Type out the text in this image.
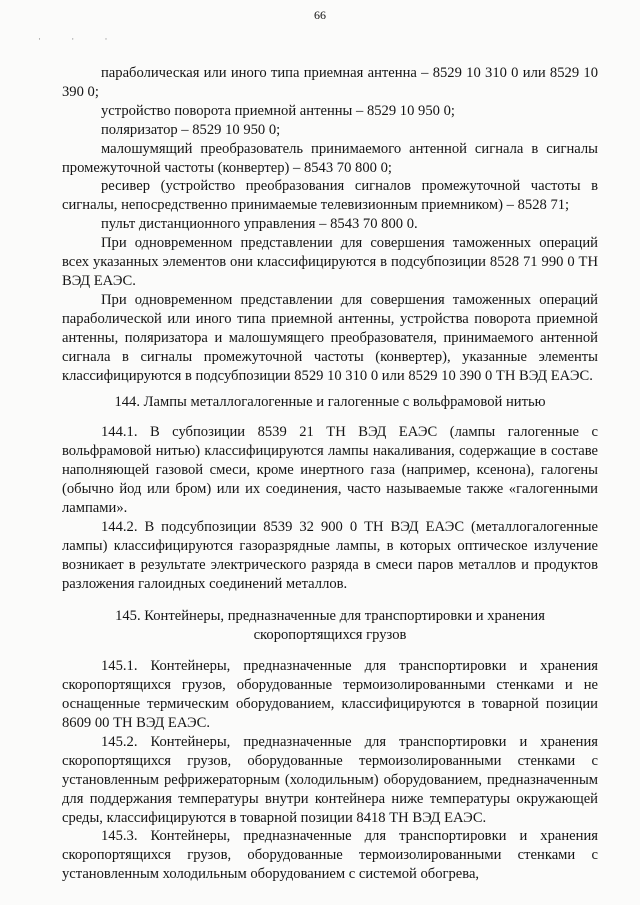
66
· · ·

параболическая или иного типа приемная антенна – 8529 10 310 0 или 8529 10 390 0;

устройство поворота приемной антенны – 8529 10 950 0;

поляризатор – 8529 10 950 0;

малошумящий преобразователь принимаемого антенной сигнала в сигналы промежуточной частоты (конвертер) – 8543 70 800 0;

ресивер (устройство преобразования сигналов промежуточной частоты в сигналы, непосредственно принимаемые телевизионным приемником) – 8528 71;

пульт дистанционного управления – 8543 70 800 0.

При одновременном представлении для совершения таможенных операций всех указанных элементов они классифицируются в подсубпозиции 8528 71 990 0 ТН ВЭД ЕАЭС.

При одновременном представлении для совершения таможенных операций параболической или иного типа приемной антенны, устройства поворота приемной антенны, поляризатора и малошумящего преобразователя, принимаемого антенной сигнала в сигналы промежуточной частоты (конвертер), указанные элементы классифицируются в подсубпозиции 8529 10 310 0 или 8529 10 390 0 ТН ВЭД ЕАЭС.

144. Лампы металлогалогенные и галогенные с вольфрамовой нитью

144.1. В субпозиции 8539 21 ТН ВЭД ЕАЭС (лампы галогенные с вольфрамовой нитью) классифицируются лампы накаливания, содержащие в составе наполняющей газовой смеси, кроме инертного газа (например, ксенона), галогены (обычно йод или бром) или их соединения, часто называемые также «галогенными лампами».

144.2. В подсубпозиции 8539 32 900 0 ТН ВЭД ЕАЭС (металлогалогенные лампы) классифицируются газоразрядные лампы, в которых оптическое излучение возникает в результате электрического разряда в смеси паров металлов и продуктов разложения галоидных соединений металлов.

145. Контейнеры, предназначенные для транспортировки и хранения
скоропортящихся грузов

145.1. Контейнеры, предназначенные для транспортировки и хранения скоропортящихся грузов, оборудованные термоизолированными стенками и не оснащенные термическим оборудованием, классифицируются в товарной позиции 8609 00 ТН ВЭД ЕАЭС.

145.2. Контейнеры, предназначенные для транспортировки и хранения скоропортящихся грузов, оборудованные термоизолированными стенками с установленным рефрижераторным (холодильным) оборудованием, предназначенным для поддержания температуры внутри контейнера ниже температуры окружающей среды, классифицируются в товарной позиции 8418 ТН ВЭД ЕАЭС.

145.3. Контейнеры, предназначенные для транспортировки и хранения скоропортящихся грузов, оборудованные термоизолированными стенками с установленным холодильным оборудованием с системой обогрева,
